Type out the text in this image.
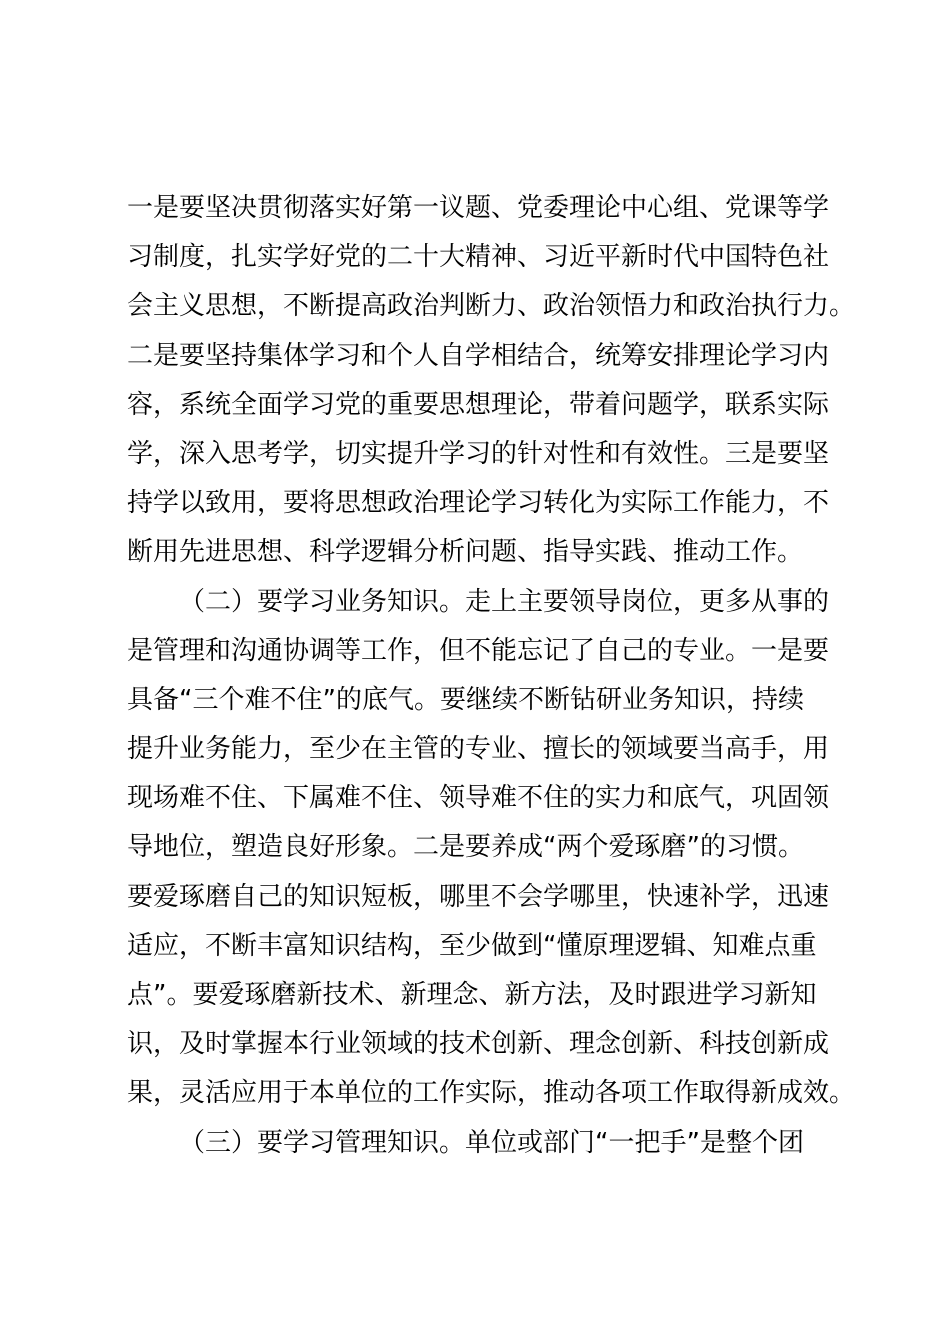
一是要坚决贯彻落实好第一议题、党委理论中心组、党课等学
习制度，扎实学好党的二十大精神、习近平新时代中国特色社
会主义思想，不断提高政治判断力、政治领悟力和政治执行力。
二是要坚持集体学习和个人自学相结合，统筹安排理论学习内
容，系统全面学习党的重要思想理论，带着问题学，联系实际
学，深入思考学，切实提升学习的针对性和有效性。三是要坚
持学以致用，要将思想政治理论学习转化为实际工作能力，不
断用先进思想、科学逻辑分析问题、指导实践、推动工作。
（二）要学习业务知识。走上主要领导岗位，更多从事的
是管理和沟通协调等工作，但不能忘记了自己的专业。一是要
具备“三个难不住”的底气。要继续不断钻研业务知识，持续
提升业务能力，至少在主管的专业、擅长的领域要当高手，用
现场难不住、下属难不住、领导难不住的实力和底气，巩固领
导地位，塑造良好形象。二是要养成“两个爱琢磨”的习惯。
要爱琢磨自己的知识短板，哪里不会学哪里，快速补学，迅速
适应，不断丰富知识结构，至少做到“懂原理逻辑、知难点重
点”。要爱琢磨新技术、新理念、新方法，及时跟进学习新知
识，及时掌握本行业领域的技术创新、理念创新、科技创新成
果，灵活应用于本单位的工作实际，推动各项工作取得新成效。
（三）要学习管理知识。单位或部门“一把手”是整个团
